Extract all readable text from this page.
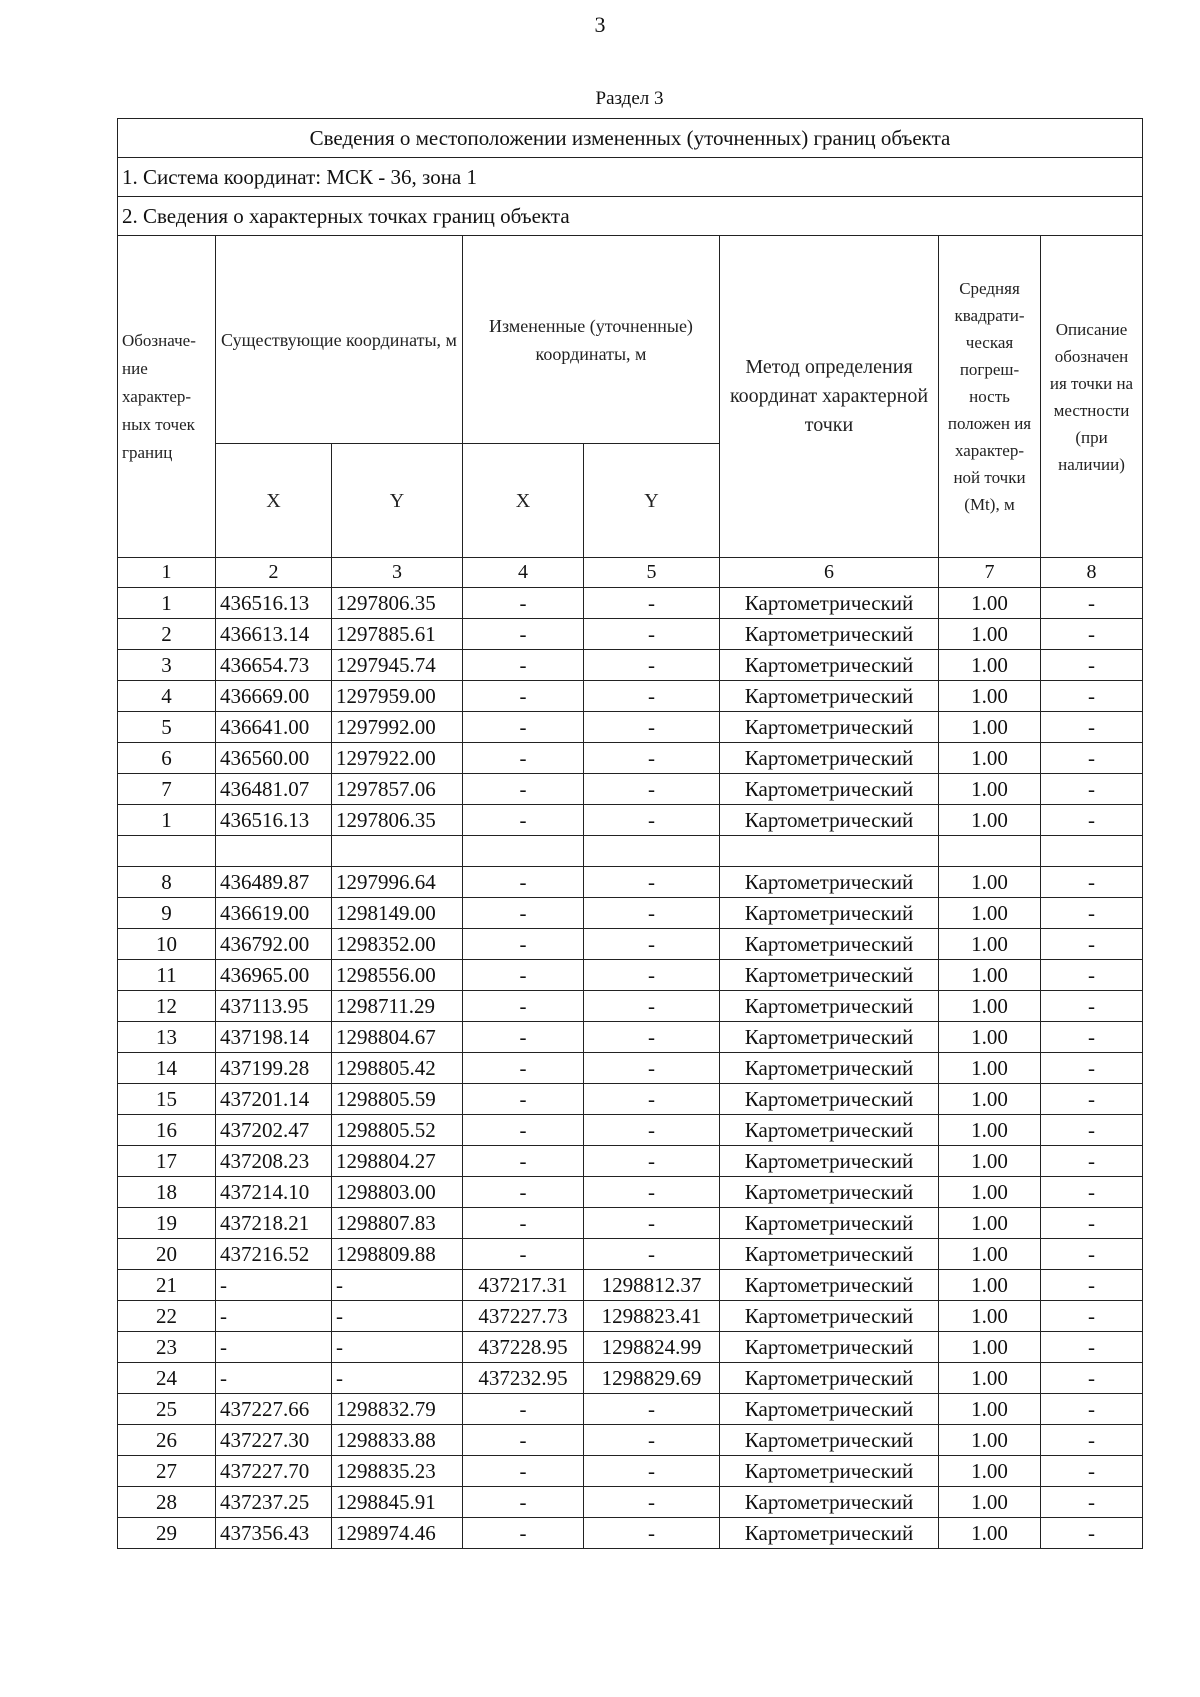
3
Раздел 3
Сведения о местоположении измененных (уточненных) границ объекта							
1. Система координат: МСК - 36, зона 1							
2. Сведения о характерных точках границ объекта							
Обозначе-ние характер-ных точек границ	Существующие координаты, м		Измененные (уточненные) координаты, м		Метод определения координат характерной точки	Средняя квадрати-ческая погреш-ность положен ия характер-ной точки (Mt), м	Описание обозначен ия точки на местности (при наличии)
	X	Y	X	Y			
1	2	3	4	5	6	7	8
1	436516.13	1297806.35	-	-	Картометрический	1.00	-
2	436613.14	1297885.61	-	-	Картометрический	1.00	-
3	436654.73	1297945.74	-	-	Картометрический	1.00	-
4	436669.00	1297959.00	-	-	Картометрический	1.00	-
5	436641.00	1297992.00	-	-	Картометрический	1.00	-
6	436560.00	1297922.00	-	-	Картометрический	1.00	-
7	436481.07	1297857.06	-	-	Картометрический	1.00	-
1	436516.13	1297806.35	-	-	Картометрический	1.00	-

8	436489.87	1297996.64	-	-	Картометрический	1.00	-
9	436619.00	1298149.00	-	-	Картометрический	1.00	-
10	436792.00	1298352.00	-	-	Картометрический	1.00	-
11	436965.00	1298556.00	-	-	Картометрический	1.00	-
12	437113.95	1298711.29	-	-	Картометрический	1.00	-
13	437198.14	1298804.67	-	-	Картометрический	1.00	-
14	437199.28	1298805.42	-	-	Картометрический	1.00	-
15	437201.14	1298805.59	-	-	Картометрический	1.00	-
16	437202.47	1298805.52	-	-	Картометрический	1.00	-
17	437208.23	1298804.27	-	-	Картометрический	1.00	-
18	437214.10	1298803.00	-	-	Картометрический	1.00	-
19	437218.21	1298807.83	-	-	Картометрический	1.00	-
20	437216.52	1298809.88	-	-	Картометрический	1.00	-
21	-	-	437217.31	1298812.37	Картометрический	1.00	-
22	-	-	437227.73	1298823.41	Картометрический	1.00	-
23	-	-	437228.95	1298824.99	Картометрический	1.00	-
24	-	-	437232.95	1298829.69	Картометрический	1.00	-
25	437227.66	1298832.79	-	-	Картометрический	1.00	-
26	437227.30	1298833.88	-	-	Картометрический	1.00	-
27	437227.70	1298835.23	-	-	Картометрический	1.00	-
28	437237.25	1298845.91	-	-	Картометрический	1.00	-
29	437356.43	1298974.46	-	-	Картометрический	1.00	-
